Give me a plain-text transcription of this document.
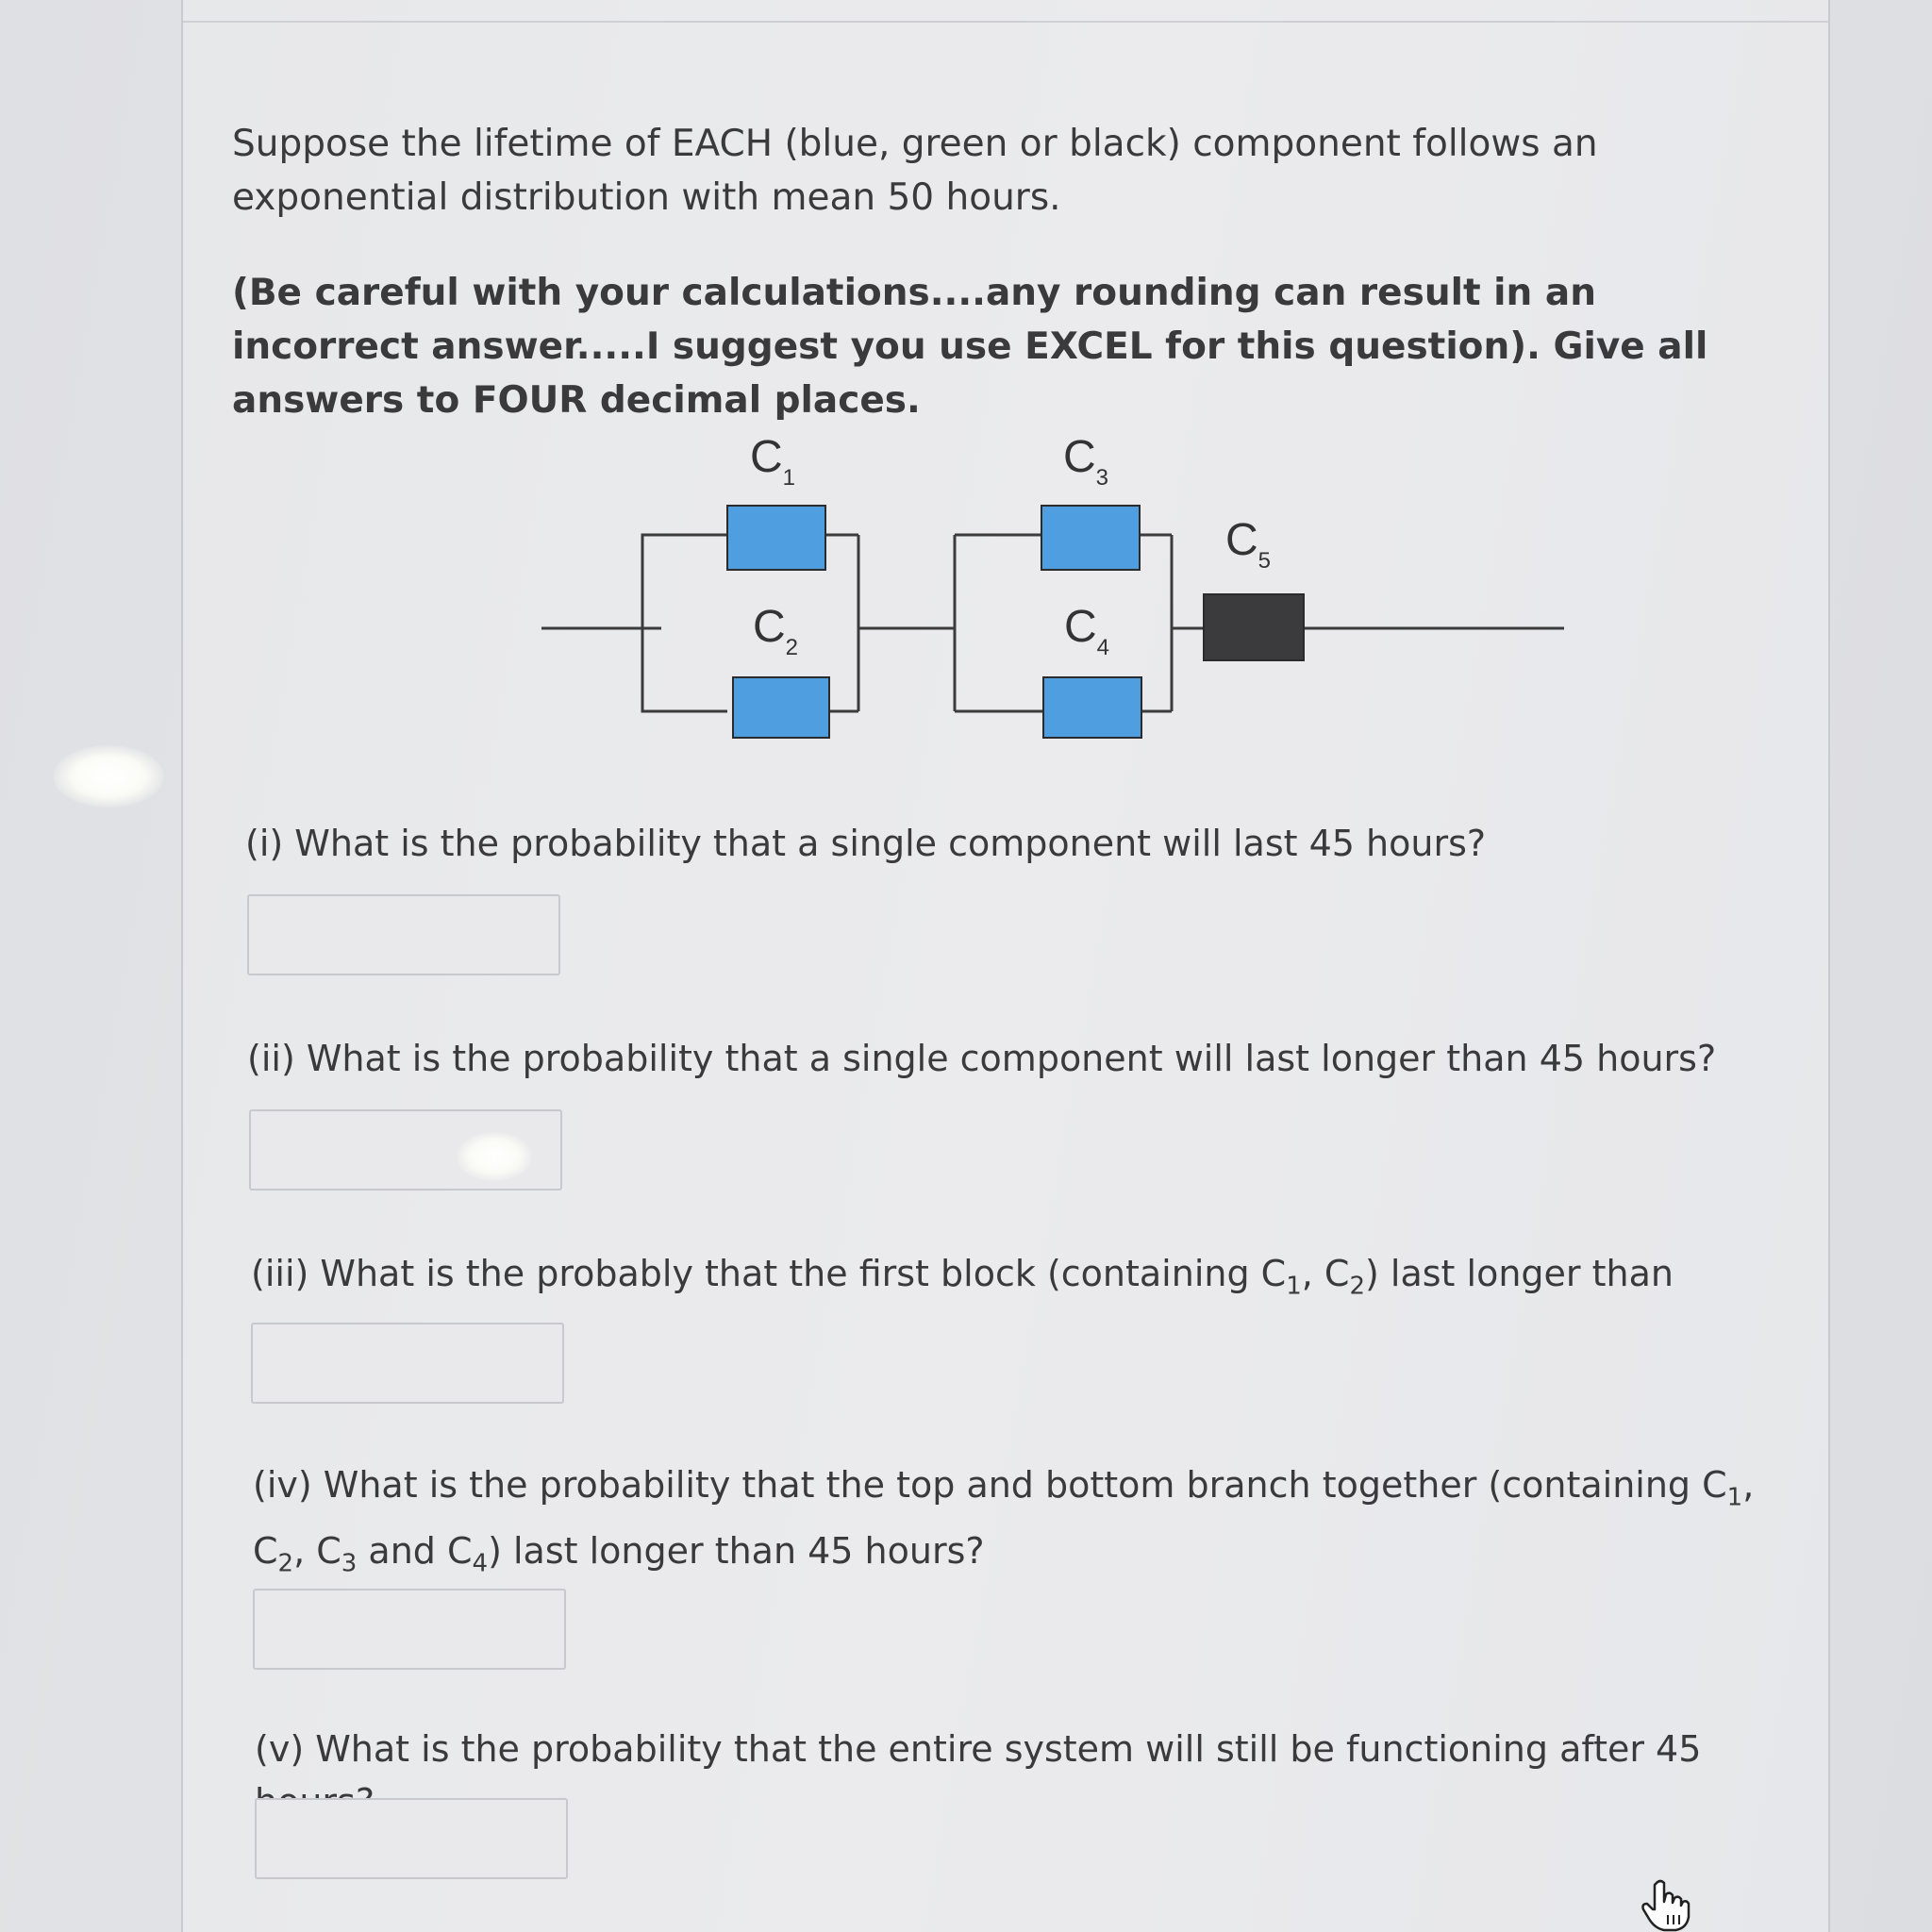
Suppose the lifetime of EACH (blue, green or black) component follows an exponential distribution with mean 50 hours.

(Be careful with your calculations....any rounding can result in an incorrect answer.....I suggest you use EXCEL for this question). Give all answers to FOUR decimal places.

$C_1$
$C_2$
$C_3$
$C_4$
$C_5$

(i) What is the probability that a single component will last 45 hours?

(ii) What is the probability that a single component will last longer than 45 hours?

(iii) What is the probably that the first block (containing $C_1$, $C_2$) last longer than

(iv) What is the probability that the top and bottom branch together (containing $C_1$, $C_2$, $C_3$ and $C_4$) last longer than 45 hours?

(v) What is the probability that the entire system will still be functioning after 45
